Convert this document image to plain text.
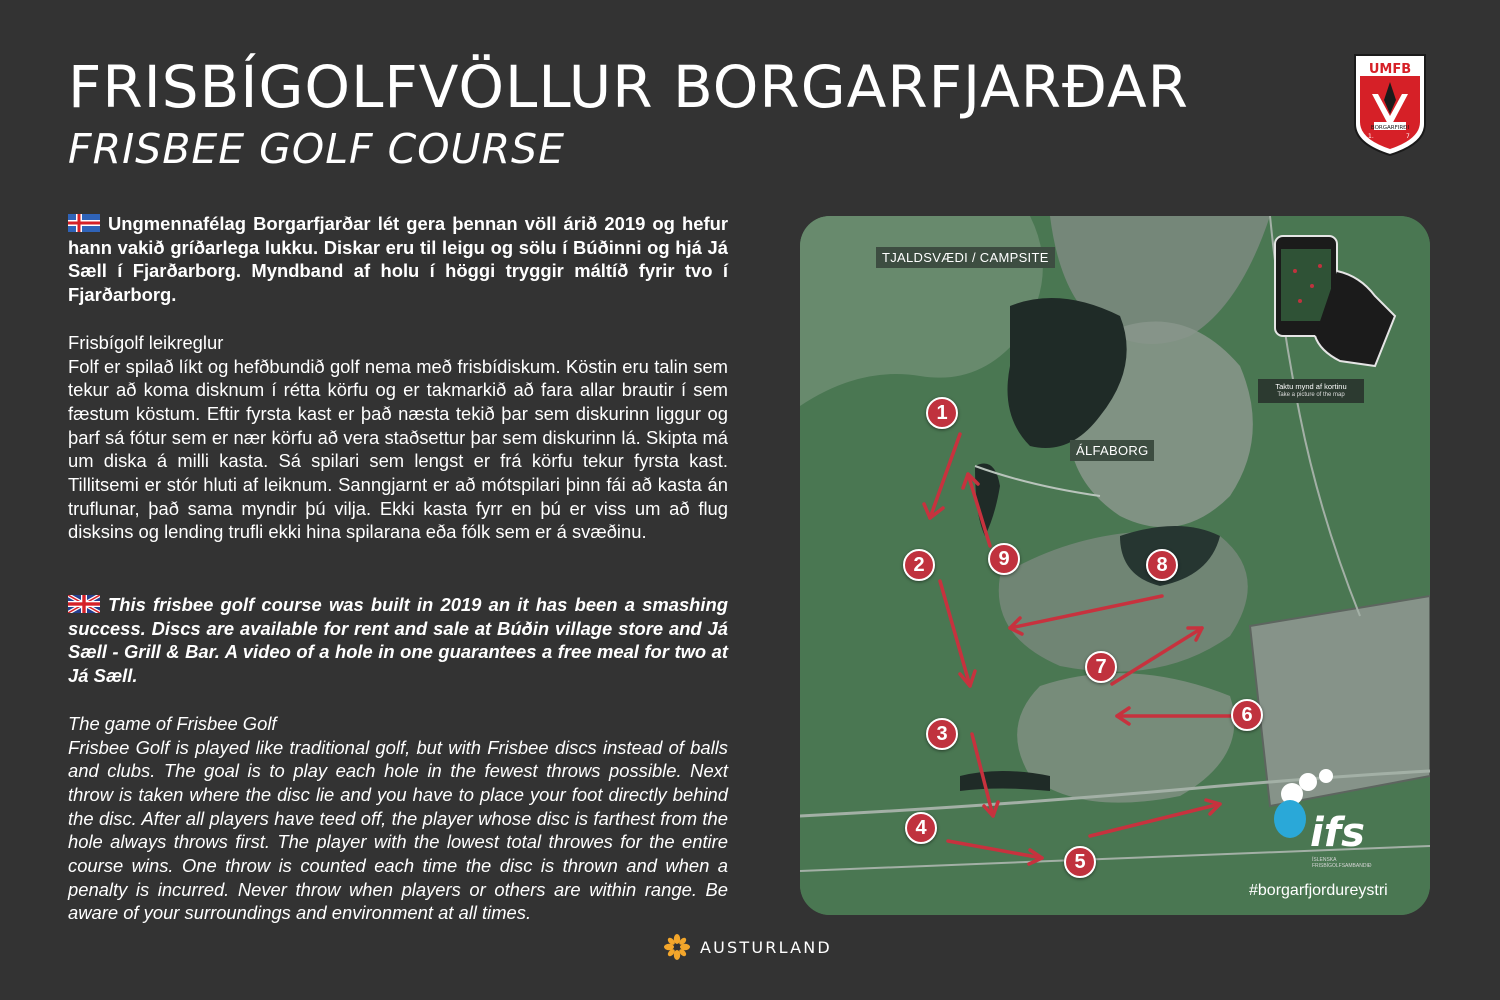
FRISBÍGOLFVÖLLUR BORGARFJARÐAR
FRISBEE GOLF COURSE
UMFB
BORGARFIRÐI
1.	7

Ungmennafélag Borgarfjarðar lét gera þennan völl árið 2019 og hefur hann vakið gríðarlega lukku. Diskar eru til leigu og sölu í Búðinni og hjá Já Sæll í Fjarðarborg. Myndband af holu í höggi tryggir máltíð fyrir tvo í Fjarðarborg.

Frisbígolf leikreglur

Folf er spilað líkt og hefðbundið golf nema með frisbídiskum. Köstin eru talin sem tekur að koma disknum í rétta körfu og er takmarkið að fara allar brautir í sem fæstum köstum. Eftir fyrsta kast er það næsta tekið þar sem diskurinn liggur og þarf sá fótur sem er nær körfu að vera staðsettur þar sem diskurinn lá. Skipta má um diska á milli kasta. Sá spilari sem lengst er frá körfu tekur fyrsta kast. Tillitsemi er stór hluti af leiknum. Sanngjarnt er að mótspilari þinn fái að kasta án truflunar, það sama myndir þú vilja. Ekki kasta fyrr en þú er viss um að flug disksins og lending trufli ekki hina spilarana eða fólk sem er á svæðinu.

This frisbee golf course was built in 2019 an it has been a smashing success. Discs are available for rent and sale at Búðin village store and Já Sæll - Grill & Bar. A video of a hole in one guarantees a free meal for two at Já Sæll.

The game of Frisbee Golf

Frisbee Golf is played like traditional golf, but with Frisbee discs instead of balls and clubs. The goal is to play each hole in the fewest throws possible. Next throw is taken where the disc lie and you have to place your foot directly behind the disc. After all players have teed off, the player whose disc is farthest from the hole always throws first. The player with the lowest total throwes for the entire course wins. One throw is counted each time the disc is thrown and when a penalty is incurred. Never throw when players or others are within range. Be aware of your surroundings and environment at all times.

ifs
TJALDSVÆDI / CAMPSITE
ÁLFABORG
Taktu mynd af kortinu
Take a picture of the map
1
2
3
4
5
6
7
8
9
ÍSLENSKA FRISBÍGOLFSAMBANDIÐ
#borgarfjordureystri
AUSTURLAND
